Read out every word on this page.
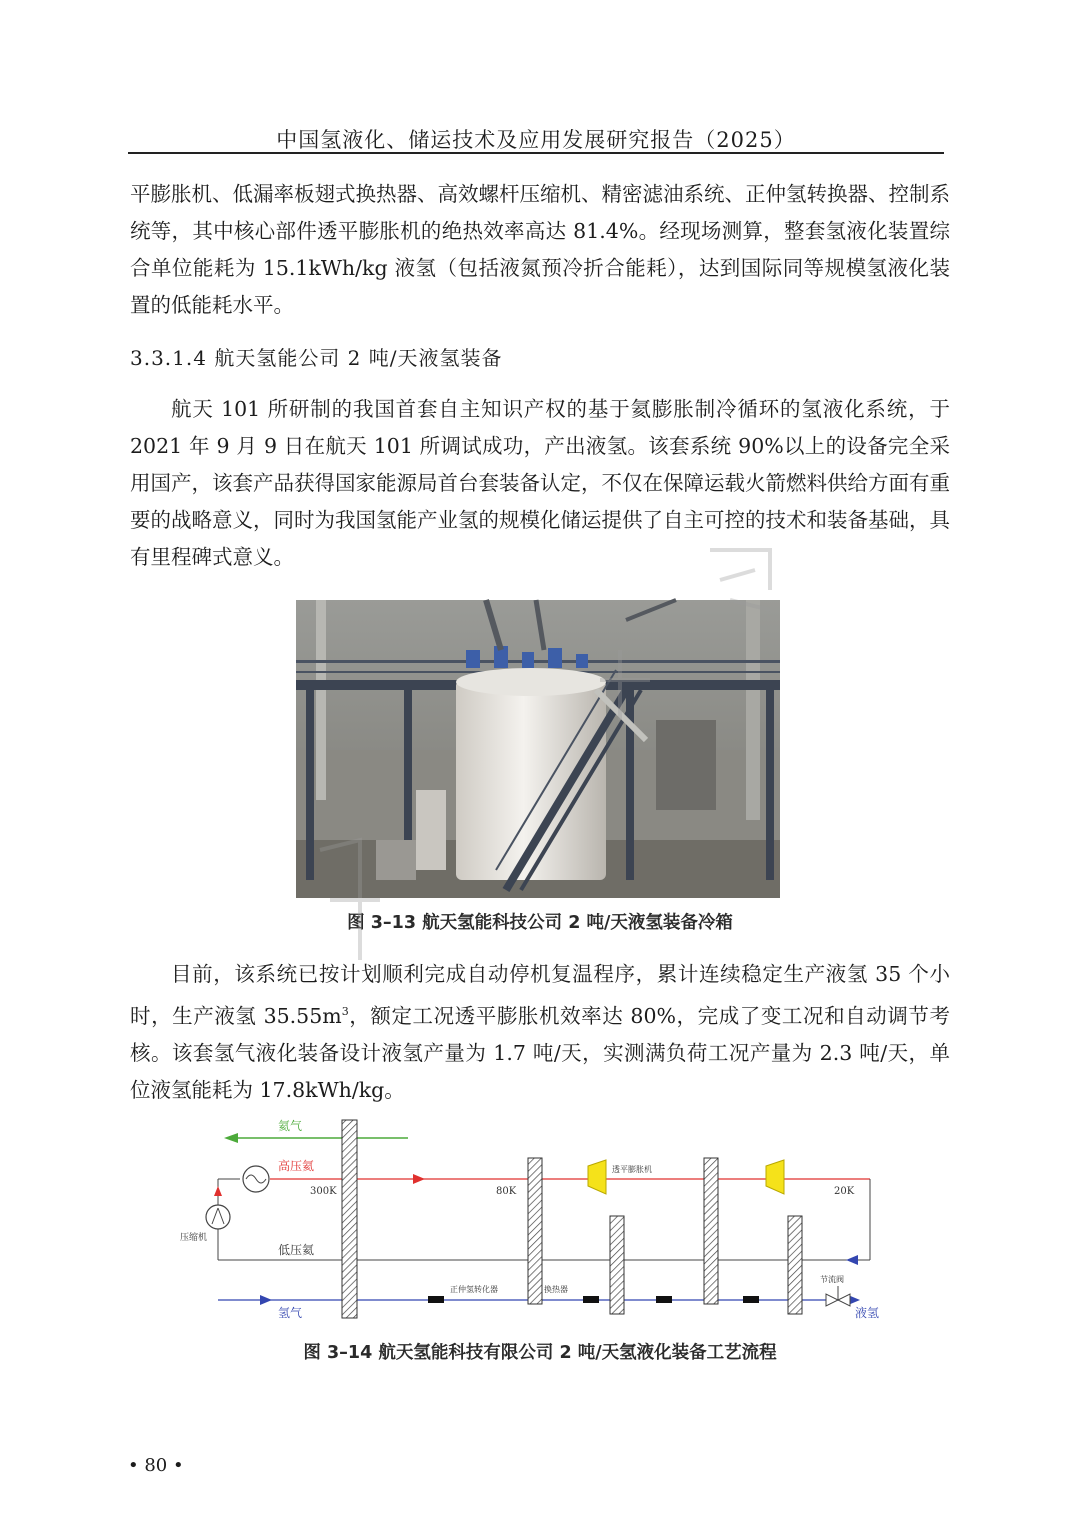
中国氢液化、储运技术及应用发展研究报告（2025）

平膨胀机、低漏率板翅式换热器、高效螺杆压缩机、精密滤油系统、正仲氢转换器、控制系统等，其中核心部件透平膨胀机的绝热效率高达 81.4%。经现场测算，整套氢液化装置综合单位能耗为 15.1kWh/kg 液氢（包括液氮预冷折合能耗），达到国际同等规模氢液化装置的低能耗水平。

3.3.1.4 航天氢能公司 2 吨/天液氢装备

航天 101 所研制的我国首套自主知识产权的基于氦膨胀制冷循环的氢液化系统，于 2021 年 9 月 9 日在航天 101 所调试成功，产出液氢。该套系统 90%以上的设备完全采用国产，该套产品获得国家能源局首台套装备认定，不仅在保障运载火箭燃料供给方面有重要的战略意义，同时为我国氢能产业氢的规模化储运提供了自主可控的技术和装备基础，具有里程碑式意义。

图 3–13 航天氢能科技公司 2 吨/天液氢装备冷箱

目前，该系统已按计划顺利完成自动停机复温程序，累计连续稳定生产液氢 35 个小时，生产液氢 $35.55m^3$，额定工况透平膨胀机效率达 80%，完成了变工况和自动调节考核。该套氢气液化装备设计液氢产量为 1.7 吨/天，实测满负荷工况产量为 2.3 吨/天，单位液氢能耗为 17.8kWh/kg。

氦气
高压氦
压缩机
低压氦
氢气	液氢
正仲氢转化器	换热器
节流阀
300K	80K	20K
透平膨胀机
图 3–14 航天氢能科技有限公司 2 吨/天氢液化装备工艺流程
• 80 •
